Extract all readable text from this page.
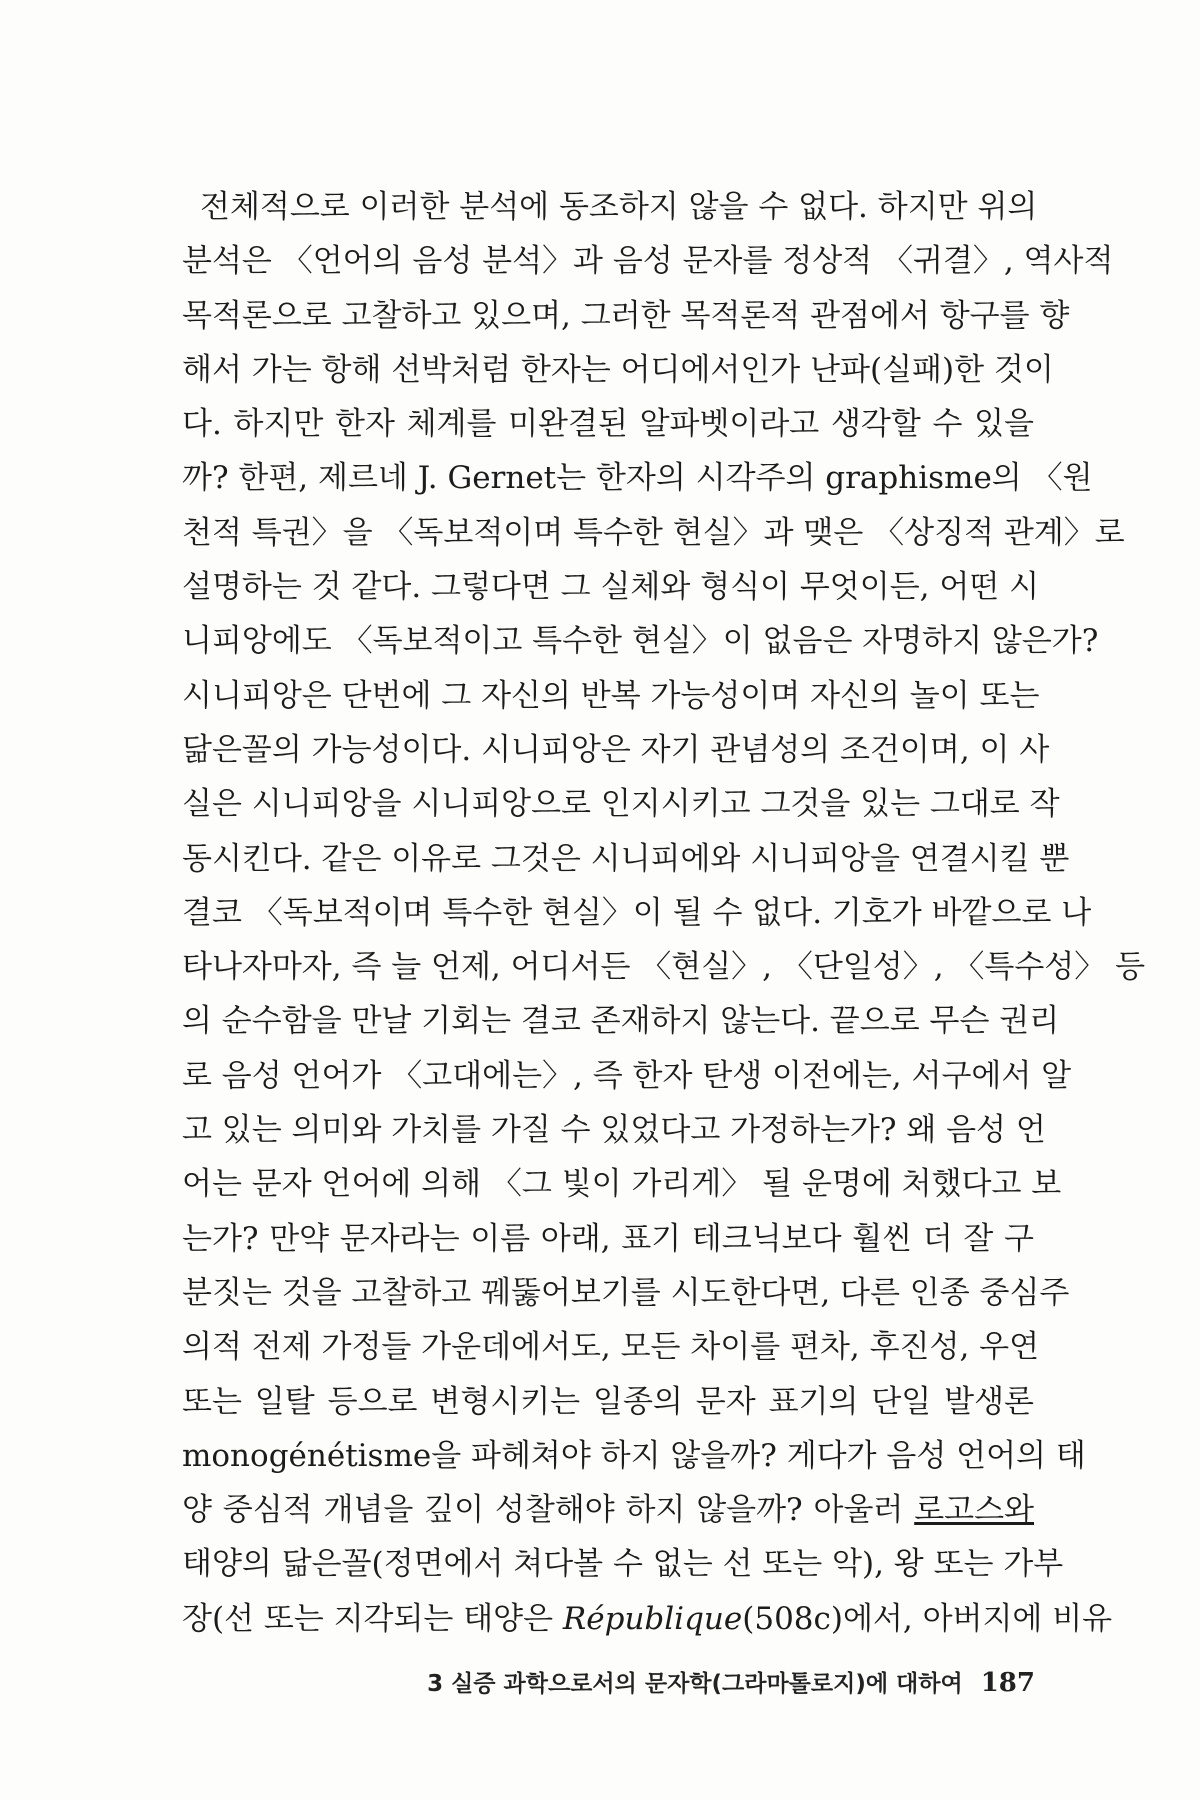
전체적으로 이러한 분석에 동조하지 않을 수 없다. 하지만 위의
분석은 〈언어의 음성 분석〉과 음성 문자를 정상적 〈귀결〉, 역사적
목적론으로 고찰하고 있으며, 그러한 목적론적 관점에서 항구를 향
해서 가는 항해 선박처럼 한자는 어디에서인가 난파(실패)한 것이
다. 하지만 한자 체계를 미완결된 알파벳이라고 생각할 수 있을
까? 한편, 제르네 J. Gernet는 한자의 시각주의 graphisme의 〈원
천적 특권〉을 〈독보적이며 특수한 현실〉과 맺은 〈상징적 관계〉로
설명하는 것 같다. 그렇다면 그 실체와 형식이 무엇이든, 어떤 시
니피앙에도 〈독보적이고 특수한 현실〉이 없음은 자명하지 않은가?
시니피앙은 단번에 그 자신의 반복 가능성이며 자신의 놀이 또는
닮은꼴의 가능성이다. 시니피앙은 자기 관념성의 조건이며, 이 사
실은 시니피앙을 시니피앙으로 인지시키고 그것을 있는 그대로 작
동시킨다. 같은 이유로 그것은 시니피에와 시니피앙을 연결시킬 뿐
결코 〈독보적이며 특수한 현실〉이 될 수 없다. 기호가 바깥으로 나
타나자마자, 즉 늘 언제, 어디서든 〈현실〉, 〈단일성〉, 〈특수성〉 등
의 순수함을 만날 기회는 결코 존재하지 않는다. 끝으로 무슨 권리
로 음성 언어가 〈고대에는〉, 즉 한자 탄생 이전에는, 서구에서 알
고 있는 의미와 가치를 가질 수 있었다고 가정하는가? 왜 음성 언
어는 문자 언어에 의해 〈그 빛이 가리게〉 될 운명에 처했다고 보
는가? 만약 문자라는 이름 아래, 표기 테크닉보다 훨씬 더 잘 구
분짓는 것을 고찰하고 꿰뚫어보기를 시도한다면, 다른 인종 중심주
의적 전제 가정들 가운데에서도, 모든 차이를 편차, 후진성, 우연
또는 일탈 등으로 변형시키는 일종의 문자 표기의 단일 발생론
monogénétisme을 파헤쳐야 하지 않을까? 게다가 음성 언어의 태
양 중심적 개념을 깊이 성찰해야 하지 않을까? 아울러 로고스와
태양의 닮은꼴(정면에서 쳐다볼 수 없는 선 또는 악), 왕 또는 가부
장(선 또는 지각되는 태양은 République(508c)에서, 아버지에 비유
3 실증 과학으로서의 문자학(그라마톨로지)에 대하여 187
